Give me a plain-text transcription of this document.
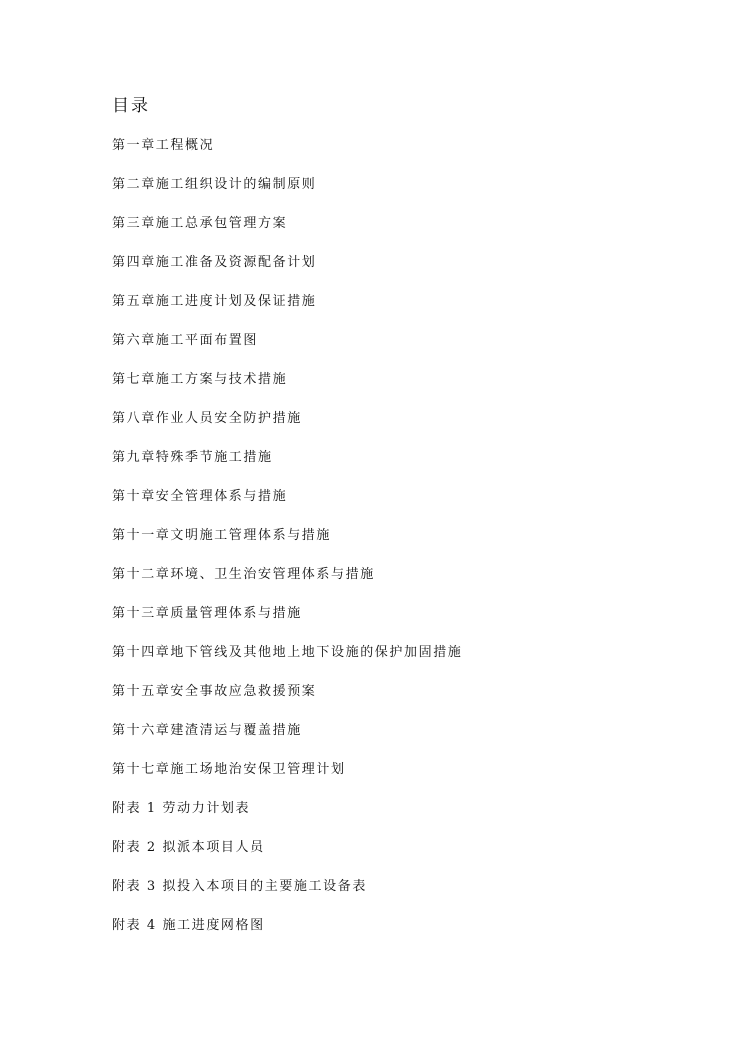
目录
第一章工程概况
第二章施工组织设计的编制原则
第三章施工总承包管理方案
第四章施工准备及资源配备计划
第五章施工进度计划及保证措施
第六章施工平面布置图
第七章施工方案与技术措施
第八章作业人员安全防护措施
第九章特殊季节施工措施
第十章安全管理体系与措施
第十一章文明施工管理体系与措施
第十二章环境、卫生治安管理体系与措施
第十三章质量管理体系与措施
第十四章地下管线及其他地上地下设施的保护加固措施
第十五章安全事故应急救援预案
第十六章建渣清运与覆盖措施
第十七章施工场地治安保卫管理计划
附表 1 劳动力计划表
附表 2 拟派本项目人员
附表 3 拟投入本项目的主要施工设备表
附表 4 施工进度网格图
